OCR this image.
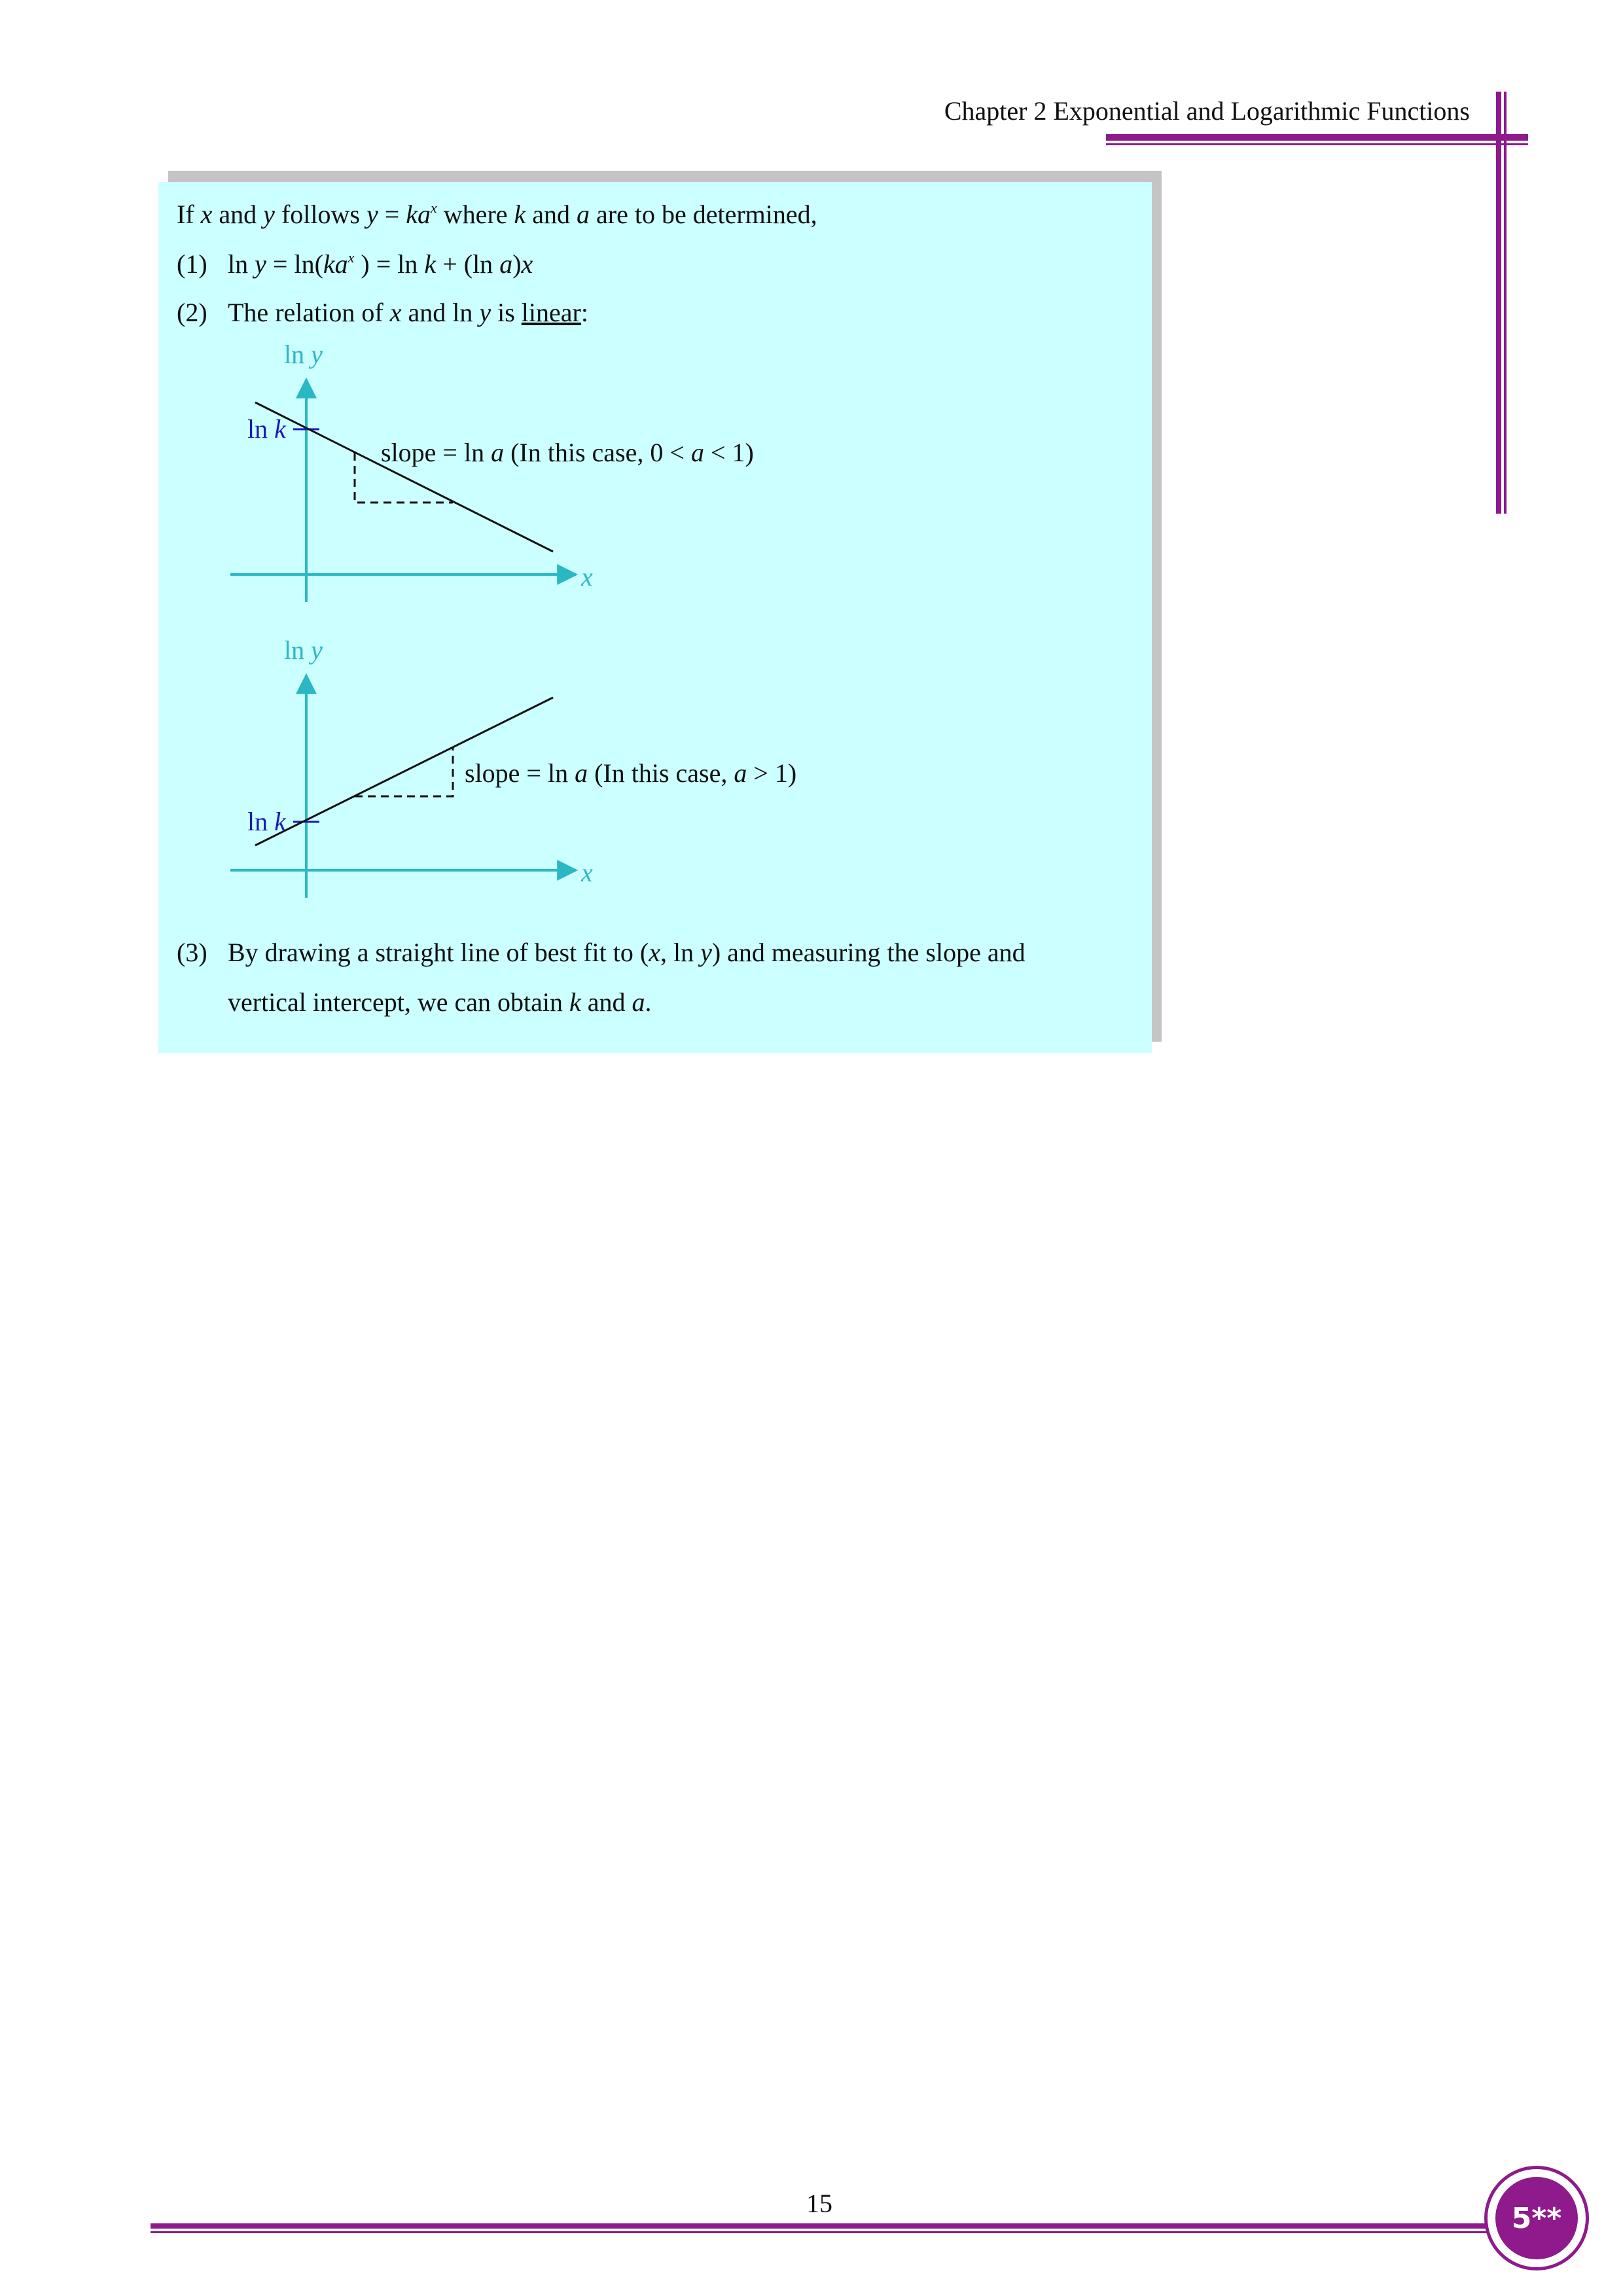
Chapter 2 Exponential and Logarithmic Functions
If x and y follows $y = ka^x$ where k and a are to be determined,
(1) $\ln y = \ln(ka^x$ ) = ln k + (ln a)x
(2) The relation of x and ln y is linear:
ln y
x
ln k
slope = ln a (In this case, 0 < a < 1)
ln y
x
ln k
slope = ln a (In this case, a > 1)
(3) By drawing a straight line of best fit to (x, ln y) and measuring the slope and
vertical intercept, we can obtain k and a.
15	5**
